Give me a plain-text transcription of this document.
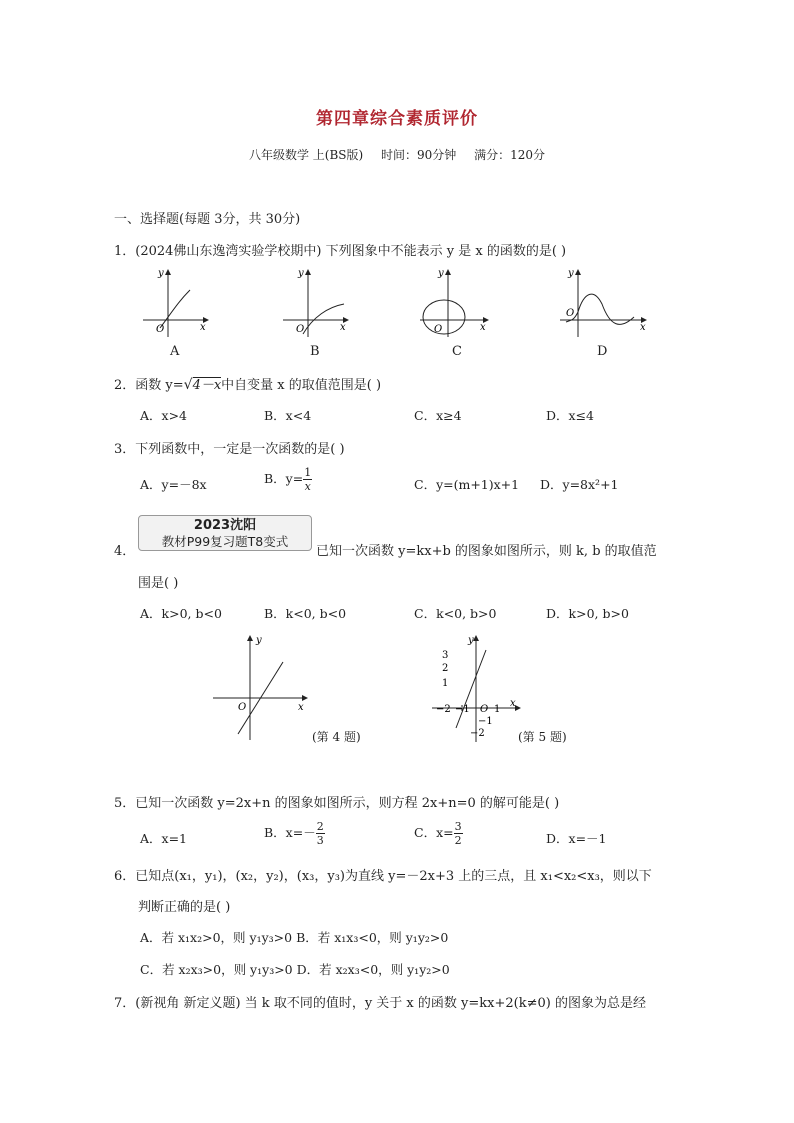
第四章综合素质评价
八年级数学 上(BS版) 时间：90分钟 满分：120分
一、选择题(每题 3分，共 30分)
1．(2024佛山东逸湾实验学校期中) 下列图象中不能表示 y 是 x 的函数的是( )
O	x
y
O	x
y
O	x
y
O
x
y
A	B	C	D
2．函数 y=√4－x中自变量 x 的取值范围是( )
A．x>4	B．x<4	C．x≥4	D．x≤4
3．下列函数中，一定是一次函数的是( )
A．y=－8x	B．$y= \frac{1}{x}$	C．y=(m+1)x+1 D．y=8x²+1
4．
2023沈阳
教材P99复习题T8变式
已知一次函数 y=kx+b 的图象如图所示，则 k, b 的取值范
围是( )
A．k>0, b<0	B．k<0, b<0	C．k<0, b>0	D．k>0, b>0
O	x
y
(第 4 题)
3
2
1
−1
−2
−2 −1 1
O
x
y
(第 5 题)
5．已知一次函数 y=2x+n 的图象如图所示，则方程 2x+n=0 的解可能是( )
A．x=1	B．$x=- \frac{2}{3}$	C．$x= \frac{3}{2}$	D．x=－1
6．已知点(x₁，y₁)，(x₂，y₂)，(x₃，y₃)为直线 y=－2x+3 上的三点，且 x₁<x₂<x₃，则以下
判断正确的是( )
A．若 x₁x₂>0，则 y₁y₃>0 B．若 x₁x₃<0，则 y₁y₂>0
C．若 x₂x₃>0，则 y₁y₃>0 D．若 x₂x₃<0，则 y₁y₂>0
7．(新视角 新定义题) 当 k 取不同的值时，y 关于 x 的函数 y=kx+2(k≠0) 的图象为总是经
